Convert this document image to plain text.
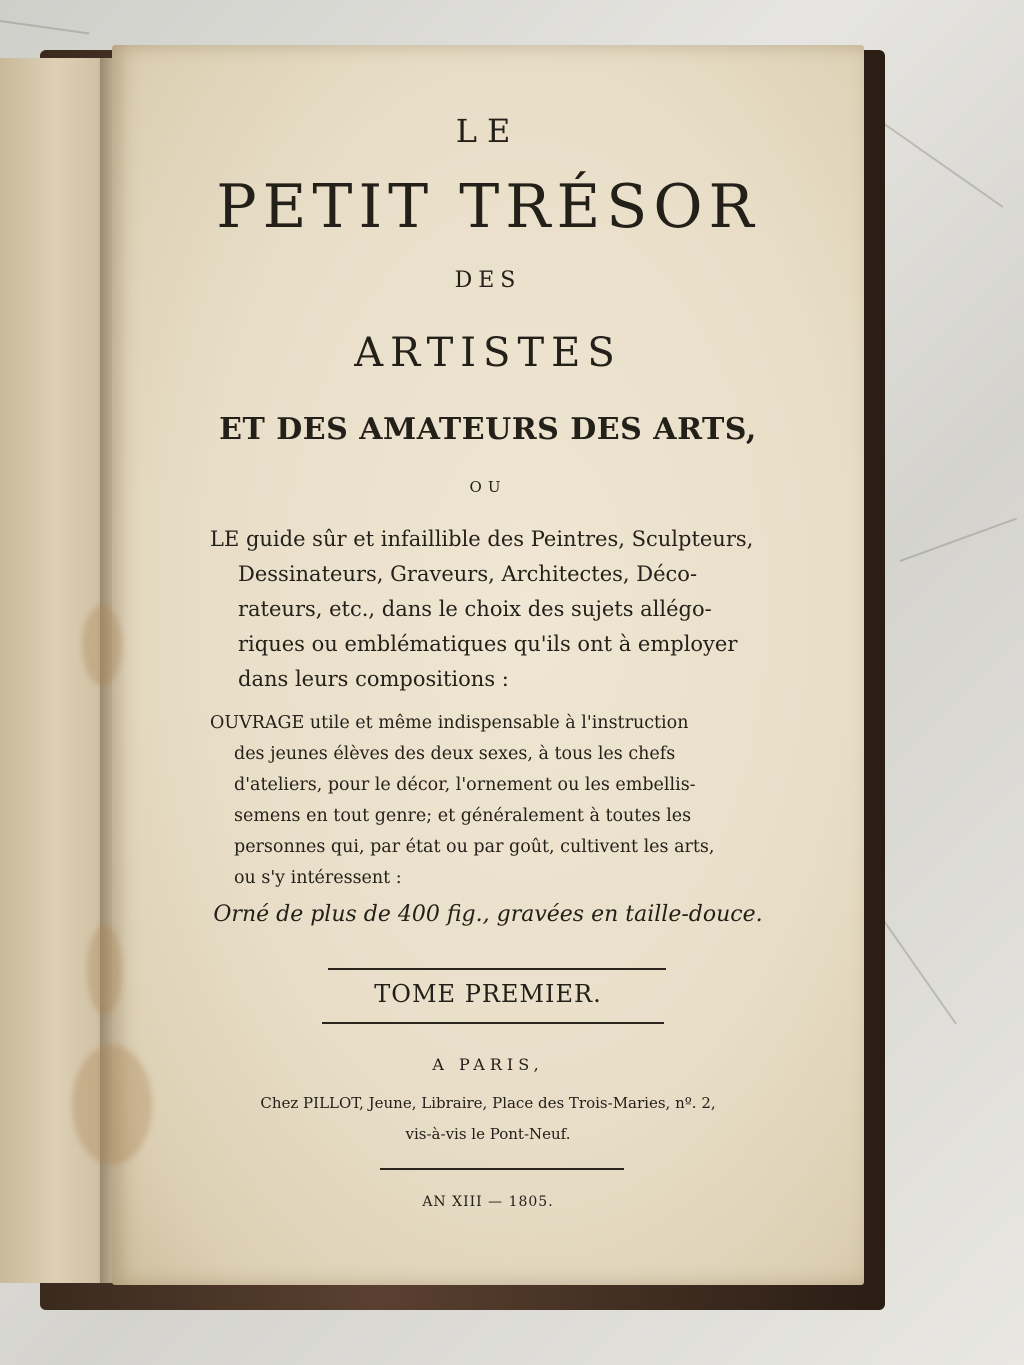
LE

PETIT TRÉSOR

DES

ARTISTES

ET DES AMATEURS DES ARTS,

OU

LE guide sûr et infaillible des Peintres, Sculpteurs,
Dessinateurs, Graveurs, Architectes, Déco-
rateurs, etc., dans le choix des sujets allégo-
riques ou emblématiques qu'ils ont à employer
dans leurs compositions :
OUVRAGE utile et même indispensable à l'instruction
des jeunes élèves des deux sexes, à tous les chefs
d'ateliers, pour le décor, l'ornement ou les embellis-
semens en tout genre; et généralement à toutes les
personnes qui, par état ou par goût, cultivent les arts,
ou s'y intéressent :

Orné de plus de 400 fig., gravées en taille-douce.

TOME PREMIER.

A PARIS,

Chez PILLOT, Jeune, Libraire, Place des Trois-Maries, nº. 2,

vis-à-vis le Pont-Neuf.

AN XIII — 1805.
